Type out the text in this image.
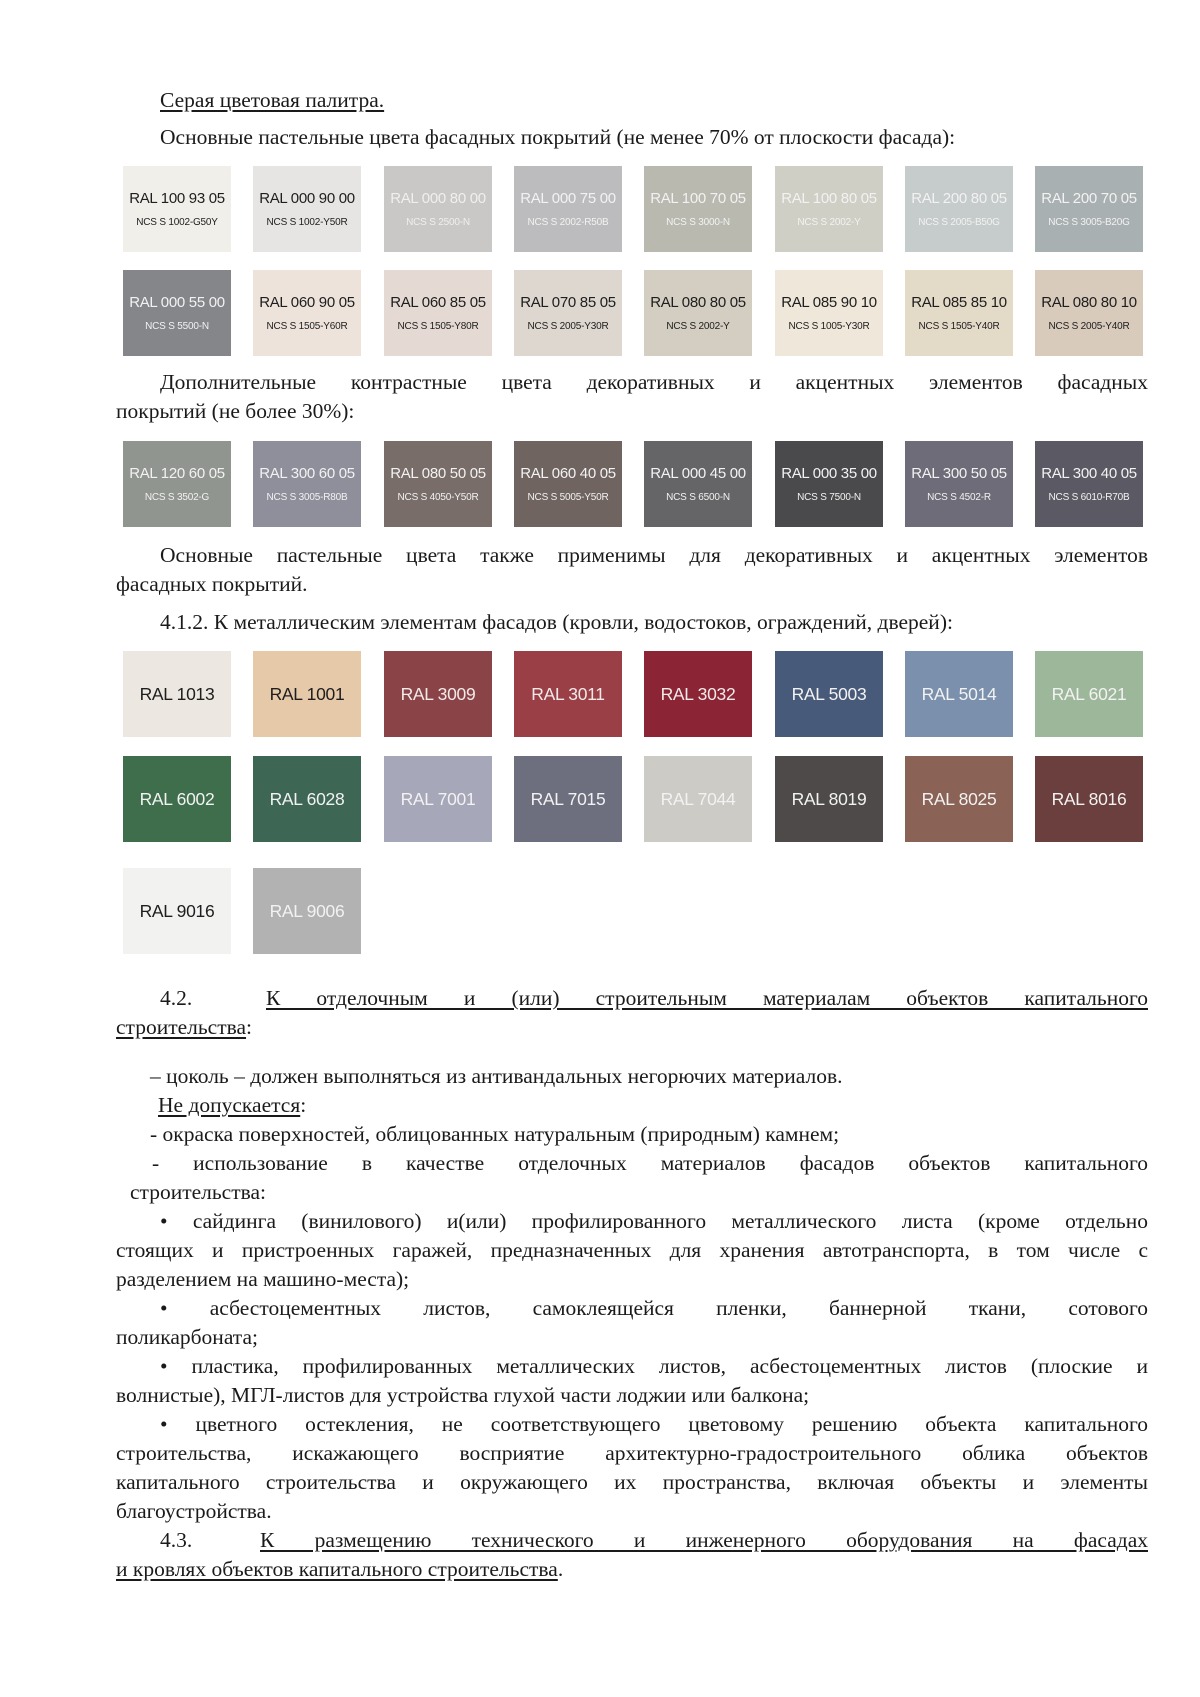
Серая цветовая палитра.

Основные пастельные цвета фасадных покрытий (не менее 70% от плоскости фасада):

RAL 100 93 05
NCS S 1002-G50Y
RAL 000 90 00
NCS S 1002-Y50R
RAL 000 80 00
NCS S 2500-N
RAL 000 75 00
NCS S 2002-R50B
RAL 100 70 05
NCS S 3000-N
RAL 100 80 05
NCS S 2002-Y
RAL 200 80 05
NCS S 2005-B50G
RAL 200 70 05
NCS S 3005-B20G
RAL 000 55 00
NCS S 5500-N
RAL 060 90 05
NCS S 1505-Y60R
RAL 060 85 05
NCS S 1505-Y80R
RAL 070 85 05
NCS S 2005-Y30R
RAL 080 80 05
NCS S 2002-Y
RAL 085 90 10
NCS S 1005-Y30R
RAL 085 85 10
NCS S 1505-Y40R
RAL 080 80 10
NCS S 2005-Y40R

Дополнительные контрастные цвета декоративных и акцентных элементов фасадных

покрытий (не более 30%):

RAL 120 60 05
NCS S 3502-G
RAL 300 60 05
NCS S 3005-R80B
RAL 080 50 05
NCS S 4050-Y50R
RAL 060 40 05
NCS S 5005-Y50R
RAL 000 45 00
NCS S 6500-N
RAL 000 35 00
NCS S 7500-N
RAL 300 50 05
NCS S 4502-R
RAL 300 40 05
NCS S 6010-R70B

Основные пастельные цвета также применимы для декоративных и акцентных элементов

фасадных покрытий.

4.1.2. К металлическим элементам фасадов (кровли, водостоков, ограждений, дверей):

RAL 1013	RAL 1001	RAL 3009	RAL 3011	RAL 3032	RAL 5003	RAL 5014	RAL 6021
RAL 6002	RAL 6028	RAL 7001	RAL 7015	RAL 7044	RAL 8019	RAL 8025	RAL 8016
RAL 9016	RAL 9006

4.2.	К отделочным и (или) строительным материалам объектов капитального

строительства:

– цоколь – должен выполняться из антивандальных негорючих материалов.

Не допускается:

- окраска поверхностей, облицованных натуральным (природным) камнем;

- использование в качестве отделочных материалов фасадов объектов капитального

строительства:

• сайдинга (винилового) и(или) профилированного металлического листа (кроме отдельно

стоящих и пристроенных гаражей, предназначенных для хранения автотранспорта, в том числе с

разделением на машино-места);

• асбестоцементных листов, самоклеящейся пленки, баннерной ткани, сотового

поликарбоната;

• пластика, профилированных металлических листов, асбестоцементных листов (плоские и

волнистые), МГЛ-листов для устройства глухой части лоджии или балкона;

• цветного остекления, не соответствующего цветовому решению объекта капитального

строительства, искажающего восприятие архитектурно-градостроительного облика объектов

капитального строительства и окружающего их пространства, включая объекты и элементы

благоустройства.

4.3.	К размещению технического и инженерного оборудования на фасадах

и кровлях объектов капитального строительства.
